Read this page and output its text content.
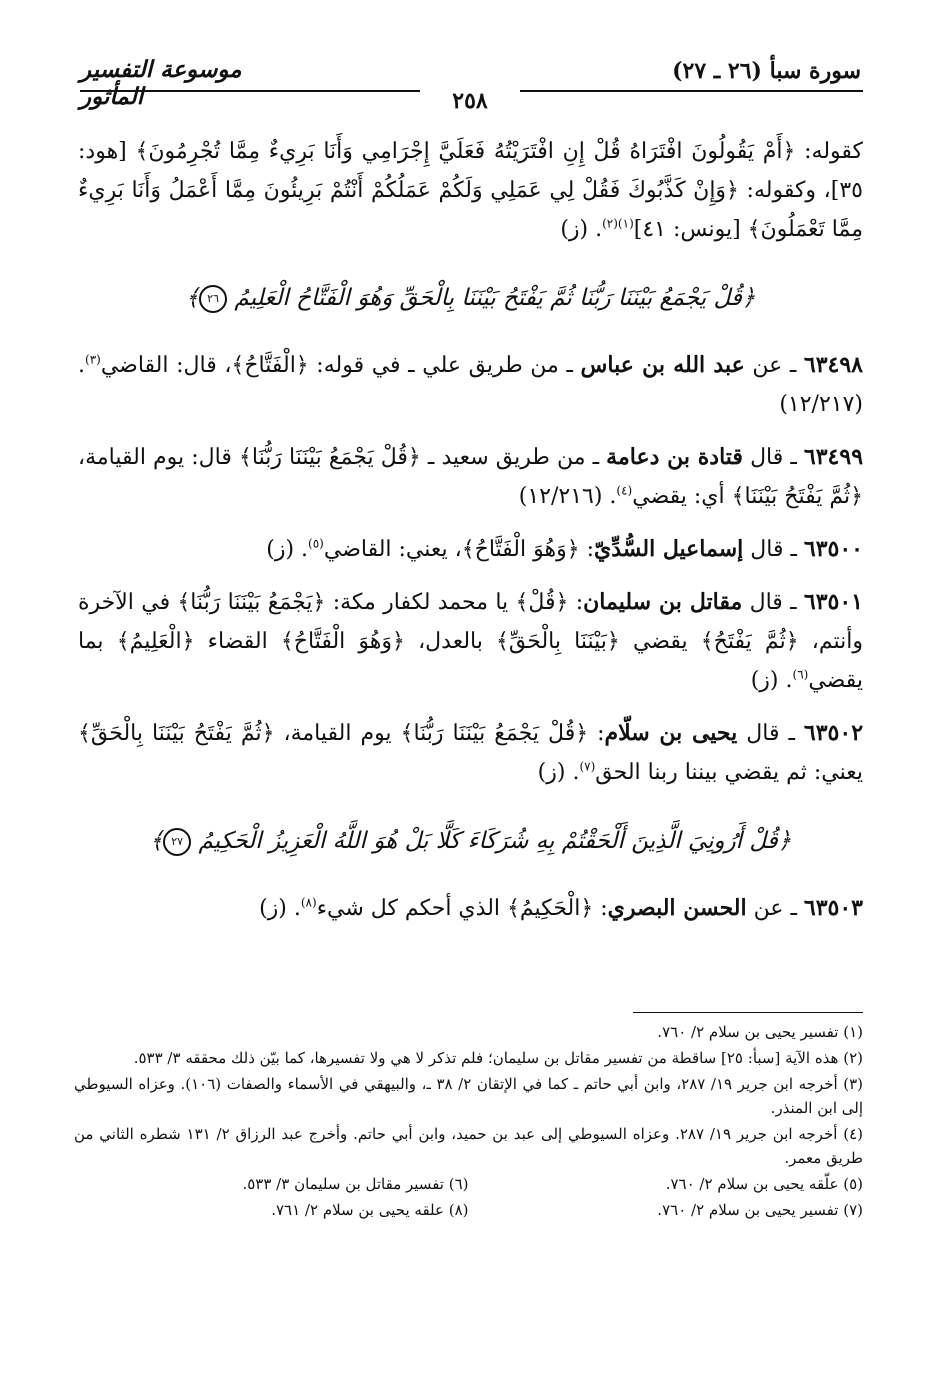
سورة سبأ (٢٦ ـ ٢٧)
موسوعة التفسير المأثور	٢٥٨

كقوله: ﴿أَمْ يَقُولُونَ افْتَرَاهُ قُلْ إِنِ افْتَرَيْتُهُ فَعَلَيَّ إِجْرَامِي وَأَنَا بَرِيءٌ مِمَّا تُجْرِمُونَ﴾ [هود: ٣٥]، وكقوله: ﴿وَإِنْ كَذَّبُوكَ فَقُلْ لِي عَمَلِي وَلَكُمْ عَمَلُكُمْ أَنْتُمْ بَرِيئُونَ مِمَّا أَعْمَلُ وَأَنَا بَرِيءٌ مِمَّا تَعْمَلُونَ﴾ [يونس: ٤١]$^{(١)(٢)}$. (ز)

﴿قُلْ يَجْمَعُ بَيْنَنَا رَبُّنَا ثُمَّ يَفْتَحُ بَيْنَنَا بِالْحَقِّ وَهُوَ الْفَتَّاحُ الْعَلِيمُ ٢٦﴾

٦٣٤٩٨ ـ عن عبد الله بن عباس ـ من طريق علي ـ في قوله: ﴿الْفَتَّاحُ﴾، قال: القاضي$^{(٣)}$. (١٢/٢١٧)

٦٣٤٩٩ ـ قال قتادة بن دعامة ـ من طريق سعيد ـ ﴿قُلْ يَجْمَعُ بَيْنَنَا رَبُّنَا﴾ قال: يوم القيامة، ﴿ثُمَّ يَفْتَحُ بَيْنَنَا﴾ أي: يقضي$^{(٤)}$. (١٢/٢١٦)

٦٣٥٠٠ ـ قال إسماعيل السُّدِّيّ: ﴿وَهُوَ الْفَتَّاحُ﴾، يعني: القاضي$^{(٥)}$. (ز)

٦٣٥٠١ ـ قال مقاتل بن سليمان: ﴿قُلْ﴾ يا محمد لكفار مكة: ﴿يَجْمَعُ بَيْنَنَا رَبُّنَا﴾ في الآخرة وأنتم، ﴿ثُمَّ يَفْتَحُ﴾ يقضي ﴿بَيْنَنَا بِالْحَقِّ﴾ بالعدل، ﴿وَهُوَ الْفَتَّاحُ﴾ القضاء ﴿الْعَلِيمُ﴾ بما يقضي$^{(٦)}$. (ز)

٦٣٥٠٢ ـ قال يحيى بن سلّام: ﴿قُلْ يَجْمَعُ بَيْنَنَا رَبُّنَا﴾ يوم القيامة، ﴿ثُمَّ يَفْتَحُ بَيْنَنَا بِالْحَقِّ﴾ يعني: ثم يقضي بيننا ربنا الحق$^{(٧)}$. (ز)

﴿قُلْ أَرُونِيَ الَّذِينَ أَلْحَقْتُمْ بِهِ شُرَكَاءَ كَلَّا بَلْ هُوَ اللَّهُ الْعَزِيزُ الْحَكِيمُ ٢٧﴾

٦٣٥٠٣ ـ عن الحسن البصري: ﴿الْحَكِيمُ﴾ الذي أحكم كل شيء$^{(٨)}$. (ز)

(١) تفسير يحيى بن سلام ٢/ ٧٦٠.

(٢) هذه الآية [سبأ: ٢٥] ساقطة من تفسير مقاتل بن سليمان؛ فلم تذكر لا هي ولا تفسيرها، كما بيّن ذلك محققه ٣/ ٥٣٣.

(٣) أخرجه ابن جرير ١٩/ ٢٨٧، وابن أبي حاتم ـ كما في الإتقان ٢/ ٣٨ ـ، والبيهقي في الأسماء والصفات (١٠٦). وعزاه السيوطي إلى ابن المنذر.

(٤) أخرجه ابن جرير ١٩/ ٢٨٧. وعزاه السيوطي إلى عبد بن حميد، وابن أبي حاتم. وأخرج عبد الرزاق ٢/ ١٣١ شطره الثاني من طريق معمر.

(٥) علّقه يحيى بن سلام ٢/ ٧٦٠.

(٦) تفسير مقاتل بن سليمان ٣/ ٥٣٣.

(٧) تفسير يحيى بن سلام ٢/ ٧٦٠.

(٨) علقه يحيى بن سلام ٢/ ٧٦١.
